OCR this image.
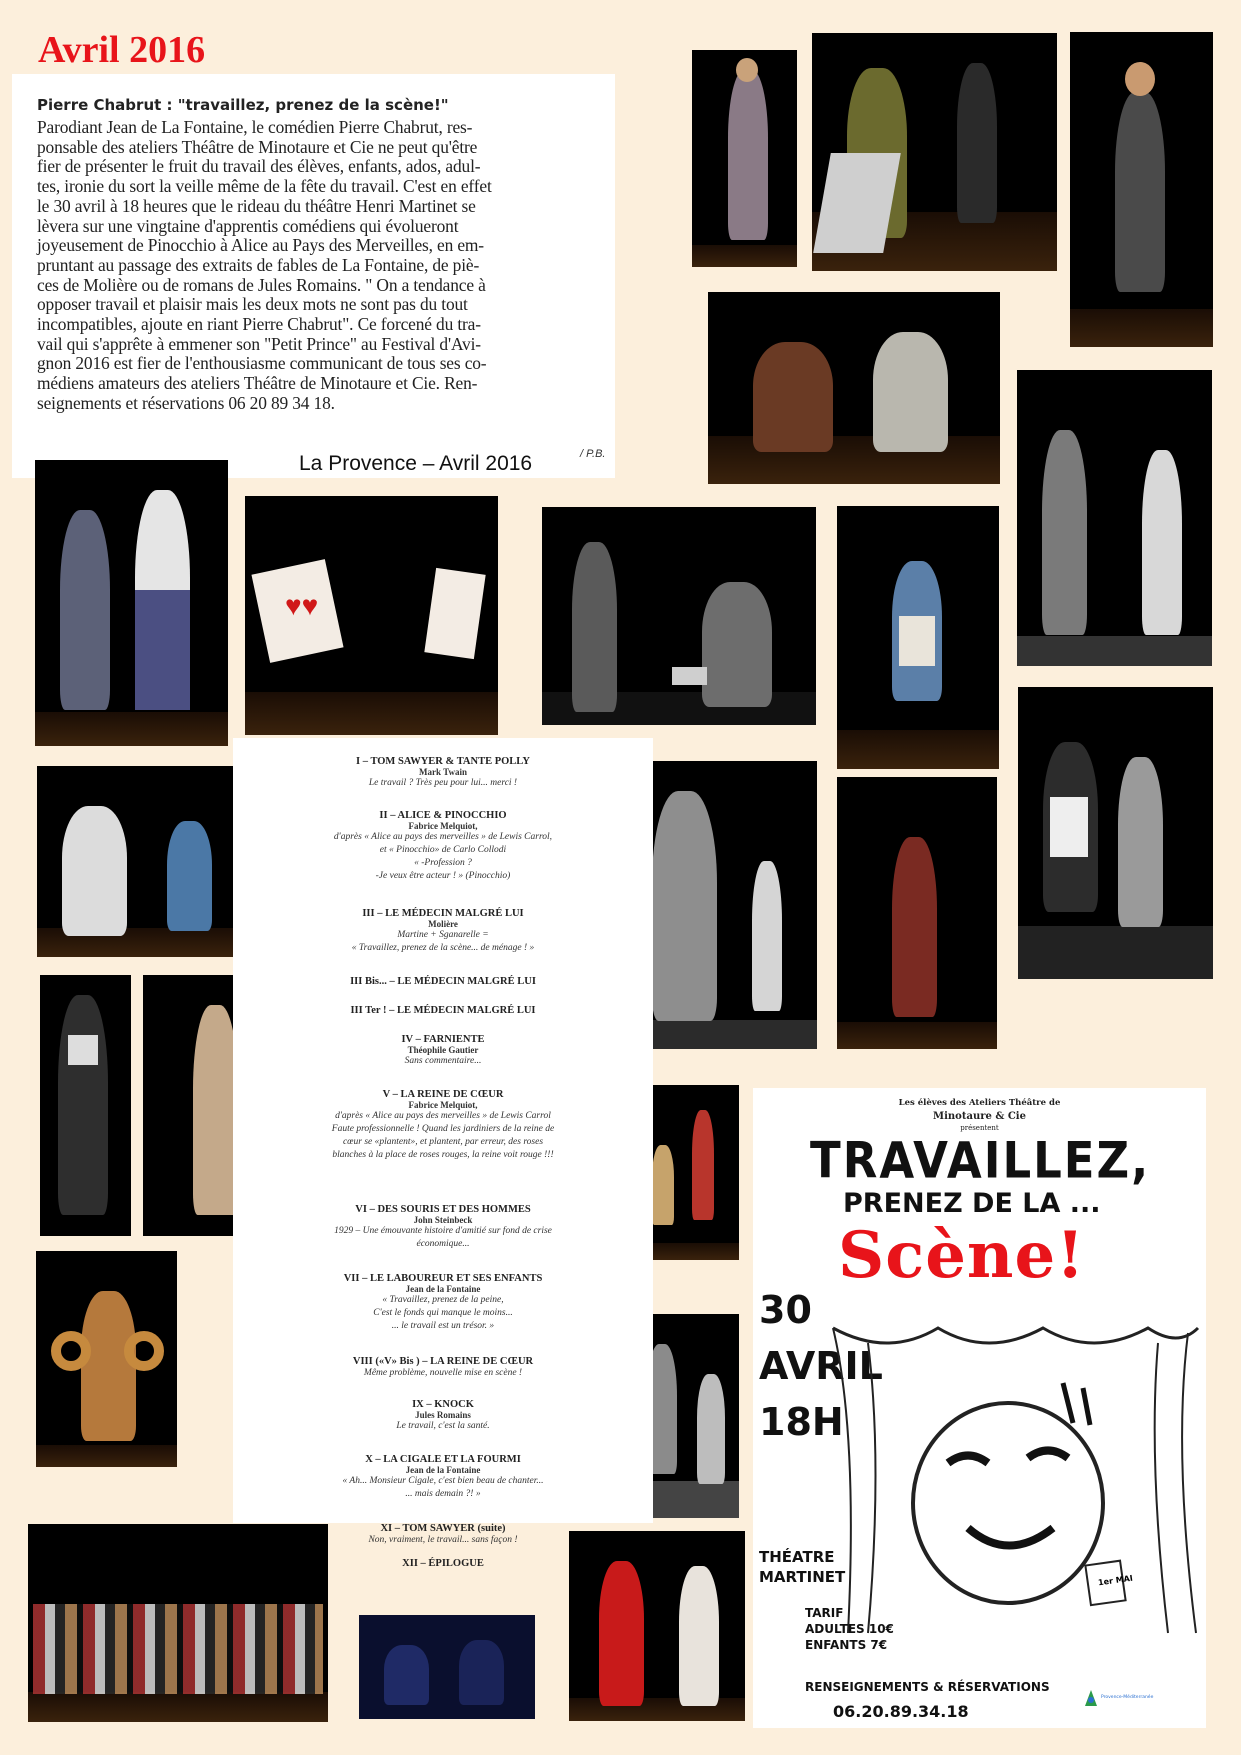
Avril 2016
Pierre Chabrut : "travaillez, prenez de la scène!"
Parodiant Jean de La Fontaine, le comédien Pierre Chabrut, res-
ponsable des ateliers Théâtre de Minotaure et Cie ne peut qu'être
fier de présenter le fruit du travail des élèves, enfants, ados, adul-
tes, ironie du sort la veille même de la fête du travail. C'est en effet
le 30 avril à 18 heures que le rideau du théâtre Henri Martinet se
lèvera sur une vingtaine d'apprentis comédiens qui évolueront
joyeusement de Pinocchio à Alice au Pays des Merveilles, en em-
pruntant au passage des extraits de fables de La Fontaine, de piè-
ces de Molière ou de romans de Jules Romains. " On a tendance à
opposer travail et plaisir mais les deux mots ne sont pas du tout
incompatibles, ajoute en riant Pierre Chabrut". Ce forcené du tra-
vail qui s'apprête à emmener son "Petit Prince" au Festival d'Avi-
gnon 2016 est fier de l'enthousiasme communicant de tous ses co-
médiens amateurs des ateliers Théâtre de Minotaure et Cie. Ren-
seignements et réservations 06 20 89 34 18.
/ P.B.
La Provence – Avril 2016
♥♥
I – TOM SAWYER & TANTE POLLY
Mark Twain
Le travail ? Très peu pour lui... merci !
II – ALICE & PINOCCHIO
Fabrice Melquiot,
d'après « Alice au pays des merveilles » de Lewis Carrol,
et « Pinocchio» de Carlo Collodi
« -Profession ?
-Je veux être acteur ! » (Pinocchio)
III – LE MÉDECIN MALGRÉ LUI
Molière
Martine + Sganarelle =
« Travaillez, prenez de la scène... de ménage ! »
III Bis... – LE MÉDECIN MALGRÉ LUI
III Ter ! – LE MÉDECIN MALGRÉ LUI
IV – FARNIENTE
Théophile Gautier
Sans commentaire...
V – LA REINE DE CŒUR
Fabrice Melquiot,
d'après « Alice au pays des merveilles » de Lewis Carrol
Faute professionnelle ! Quand les jardiniers de la reine de
cœur se «plantent», et plantent, par erreur, des roses
blanches à la place de roses rouges, la reine voit rouge !!!
VI – DES SOURIS ET DES HOMMES
John Steinbeck
1929 – Une émouvante histoire d'amitié sur fond de crise
économique...
VII – LE LABOUREUR ET SES ENFANTS
Jean de la Fontaine
« Travaillez, prenez de la peine,
C'est le fonds qui manque le moins...
... le travail est un trésor. »
VIII («V» Bis ) – LA REINE DE CŒUR
Même problème, nouvelle mise en scène !
IX – KNOCK
Jules Romains
Le travail, c'est la santé.
X – LA CIGALE ET LA FOURMI
Jean de la Fontaine
« Ah... Monsieur Cigale, c'est bien beau de chanter...
... mais demain ?! »
XI – TOM SAWYER (suite)
Non, vraiment, le travail... sans façon !
XII – ÉPILOGUE
Les élèves des Ateliers Théâtre de
Minotaure & Cie
présentent
TRAVAILLEZ,
PRENEZ DE LA ...
Scène!
30
AVRIL
18H
1er MAI
THÉATRE
MARTINET
TARIF
ADULTES 10€
ENFANTS 7€
RENSEIGNEMENTS & RÉSERVATIONS
06.20.89.34.18
Provence-Méditerranée
